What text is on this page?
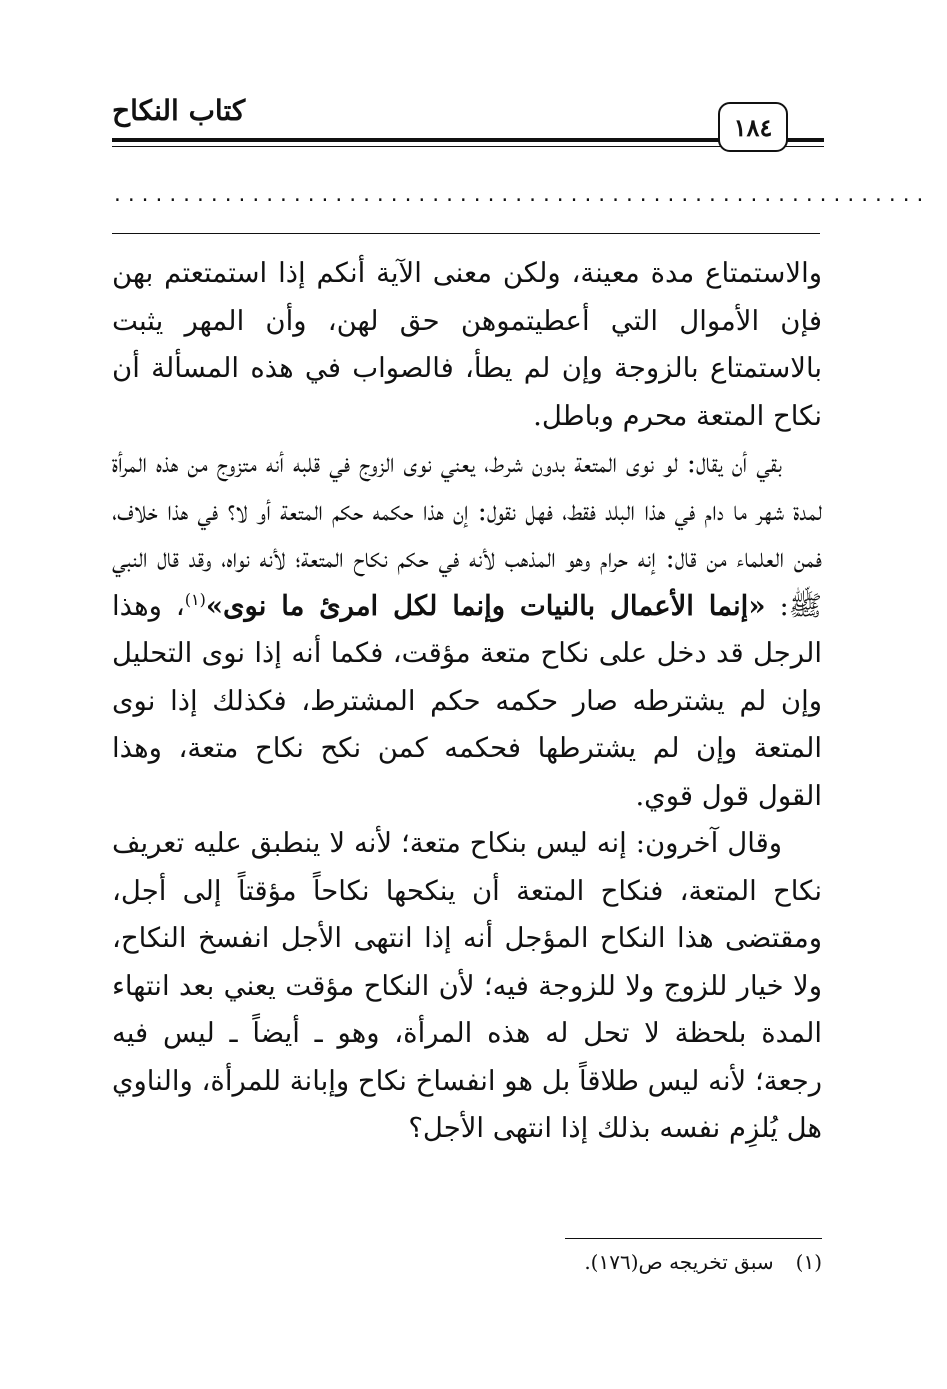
كتاب النكاح	١٨٤
...........................................................

والاستمتاع مدة معينة، ولكن معنى الآية أنكم إذا استمتعتم بهن فإن الأموال التي أعطيتموهن حق لهن، وأن المهر يثبت بالاستمتاع بالزوجة وإن لم يطأ، فالصواب في هذه المسألة أن نكاح المتعة محرم وباطل.

بقي أن يقال: لو نوى المتعة بدون شرط، يعني نوى الزوج في قلبه أنه متزوج من هذه المرأة لمدة شهر ما دام في هذا البلد فقط، فهل نقول: إن هذا حكمه حكم المتعة أو لا؟ في هذا خلاف، فمن العلماء من قال: إنه حرام وهو المذهب لأنه في حكم نكاح المتعة؛ لأنه نواه، وقد قال النبي ﷺ: «إنما الأعمال بالنيات وإنما لكل امرئ ما نوى»$^{(١)}$، وهذا الرجل قد دخل على نكاح متعة مؤقت، فكما أنه إذا نوى التحليل وإن لم يشترطه صار حكمه حكم المشترط، فكذلك إذا نوى المتعة وإن لم يشترطها فحكمه كمن نكح نكاح متعة، وهذا القول قول قوي.

وقال آخرون: إنه ليس بنكاح متعة؛ لأنه لا ينطبق عليه تعريف نكاح المتعة، فنكاح المتعة أن ينكحها نكاحاً مؤقتاً إلى أجل، ومقتضى هذا النكاح المؤجل أنه إذا انتهى الأجل انفسخ النكاح، ولا خيار للزوج ولا للزوجة فيه؛ لأن النكاح مؤقت يعني بعد انتهاء المدة بلحظة لا تحل له هذه المرأة، وهو ـ أيضاً ـ ليس فيه رجعة؛ لأنه ليس طلاقاً بل هو انفساخ نكاح وإبانة للمرأة، والناوي هل يُلزِم نفسه بذلك إذا انتهى الأجل؟

(١)سبق تخريجه ص(١٧٦).
